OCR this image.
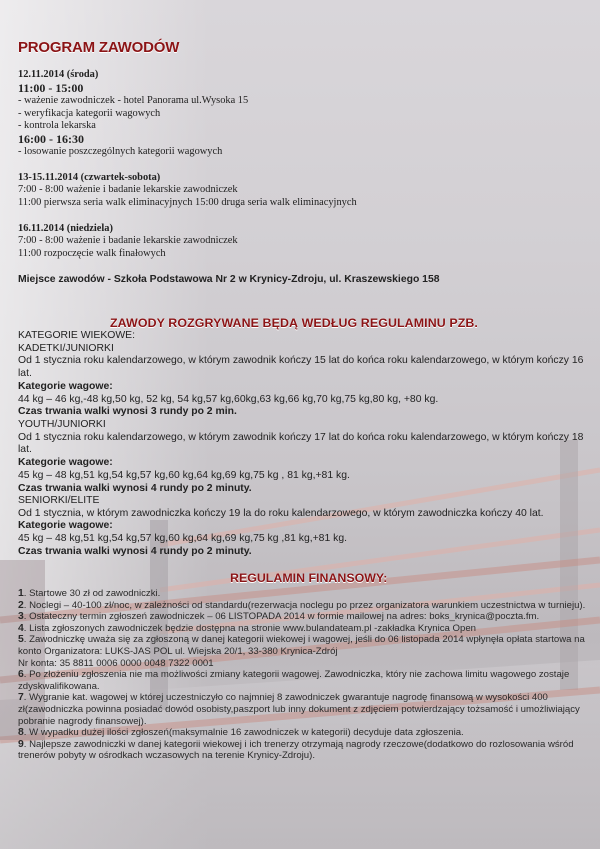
PROGRAM ZAWODÓW
12.11.2014 (środa)
11:00 - 15:00
- ważenie zawodniczek - hotel Panorama ul.Wysoka 15
- weryfikacja kategorii wagowych
- kontrola lekarska
16:00 - 16:30
- losowanie poszczególnych kategorii wagowych
13-15.11.2014 (czwartek-sobota)
7:00 - 8:00 ważenie i badanie lekarskie zawodniczek
11:00 pierwsza seria walk eliminacyjnych 15:00 druga seria walk eliminacyjnych
16.11.2014 (niedziela)
7:00 - 8:00 ważenie i badanie lekarskie zawodniczek
11:00 rozpoczęcie walk finałowych
Miejsce zawodów - Szkoła Podstawowa Nr 2 w Krynicy-Zdroju, ul. Kraszewskiego 158
ZAWODY ROZGRYWANE BĘDĄ WEDŁUG REGULAMINU PZB.
KATEGORIE WIEKOWE:
KADETKI/JUNIORKI
Od 1 stycznia roku kalendarzowego, w którym zawodnik kończy 15 lat do końca roku kalendarzowego, w którym kończy 16 lat.
Kategorie wagowe:
44 kg – 46 kg,-48 kg,50 kg, 52 kg, 54 kg,57 kg,60kg,63 kg,66 kg,70 kg,75 kg,80 kg, +80 kg.
Czas trwania walki wynosi 3 rundy po 2 min.
YOUTH/JUNIORKI
Od 1 stycznia roku kalendarzowego, w którym zawodnik kończy 17 lat do końca roku kalendarzowego, w którym kończy 18 lat.
Kategorie wagowe:
45 kg – 48 kg,51 kg,54 kg,57 kg,60 kg,64 kg,69 kg,75 kg , 81 kg,+81 kg.
Czas trwania walki wynosi 4 rundy po 2 minuty.
SENIORKI/ELITE
Od 1 stycznia, w którym zawodniczka kończy 19 la do roku kalendarzowego, w którym zawodniczka kończy 40 lat.
Kategorie wagowe:
45 kg – 48 kg,51 kg,54 kg,57 kg,60 kg,64 kg,69 kg,75 kg ,81 kg,+81 kg.
Czas trwania walki wynosi 4 rundy po 2 minuty.
REGULAMIN FINANSOWY:

1. Startowe 30 zł od zawodniczki.

2. Noclegi – 40-100 zł/noc, w zależności od standardu(rezerwacja noclegu po przez organizatora warunkiem uczestnictwa w turnieju).

3. Ostateczny termin zgłoszeń zawodniczek – 06 LISTOPADA 2014 w formie mailowej na adres: boks_krynica@poczta.fm.

4. Lista zgłoszonych zawodniczek będzie dostępna na stronie www.bulandateam.pl -zakładka Krynica Open

5. Zawodniczkę uważa się za zgłoszoną w danej kategorii wiekowej i wagowej, jeśli do 06 listopada 2014 wpłynęła opłata startowa na konto Organizatora: LUKS-JAS POL ul. Wiejska 20/1, 33-380 Krynica-Zdrój

Nr konta: 35 8811 0006 0000 0048 7322 0001

6. Po złożeniu zgłoszenia nie ma możliwości zmiany kategorii wagowej. Zawodniczka, który nie zachowa limitu wagowego zostaje zdyskwalifikowana.

7. Wygranie kat. wagowej w której uczestniczyło co najmniej 8 zawodniczek gwarantuje nagrodę finansową w wysokości 400 zł(zawodniczka powinna posiadać dowód osobisty,paszport lub inny dokument z zdjęciem potwierdzający tożsamość i umożliwiający pobranie nagrody finansowej).

8. W wypadku dużej ilości zgłoszeń(maksymalnie 16 zawodniczek w kategorii) decyduje data zgłoszenia.

9. Najlepsze zawodniczki w danej kategorii wiekowej i ich trenerzy otrzymają nagrody rzeczowe(dodatkowo do rozlosowania wśród trenerów pobyty w ośrodkach wczasowych na terenie Krynicy-Zdroju).
